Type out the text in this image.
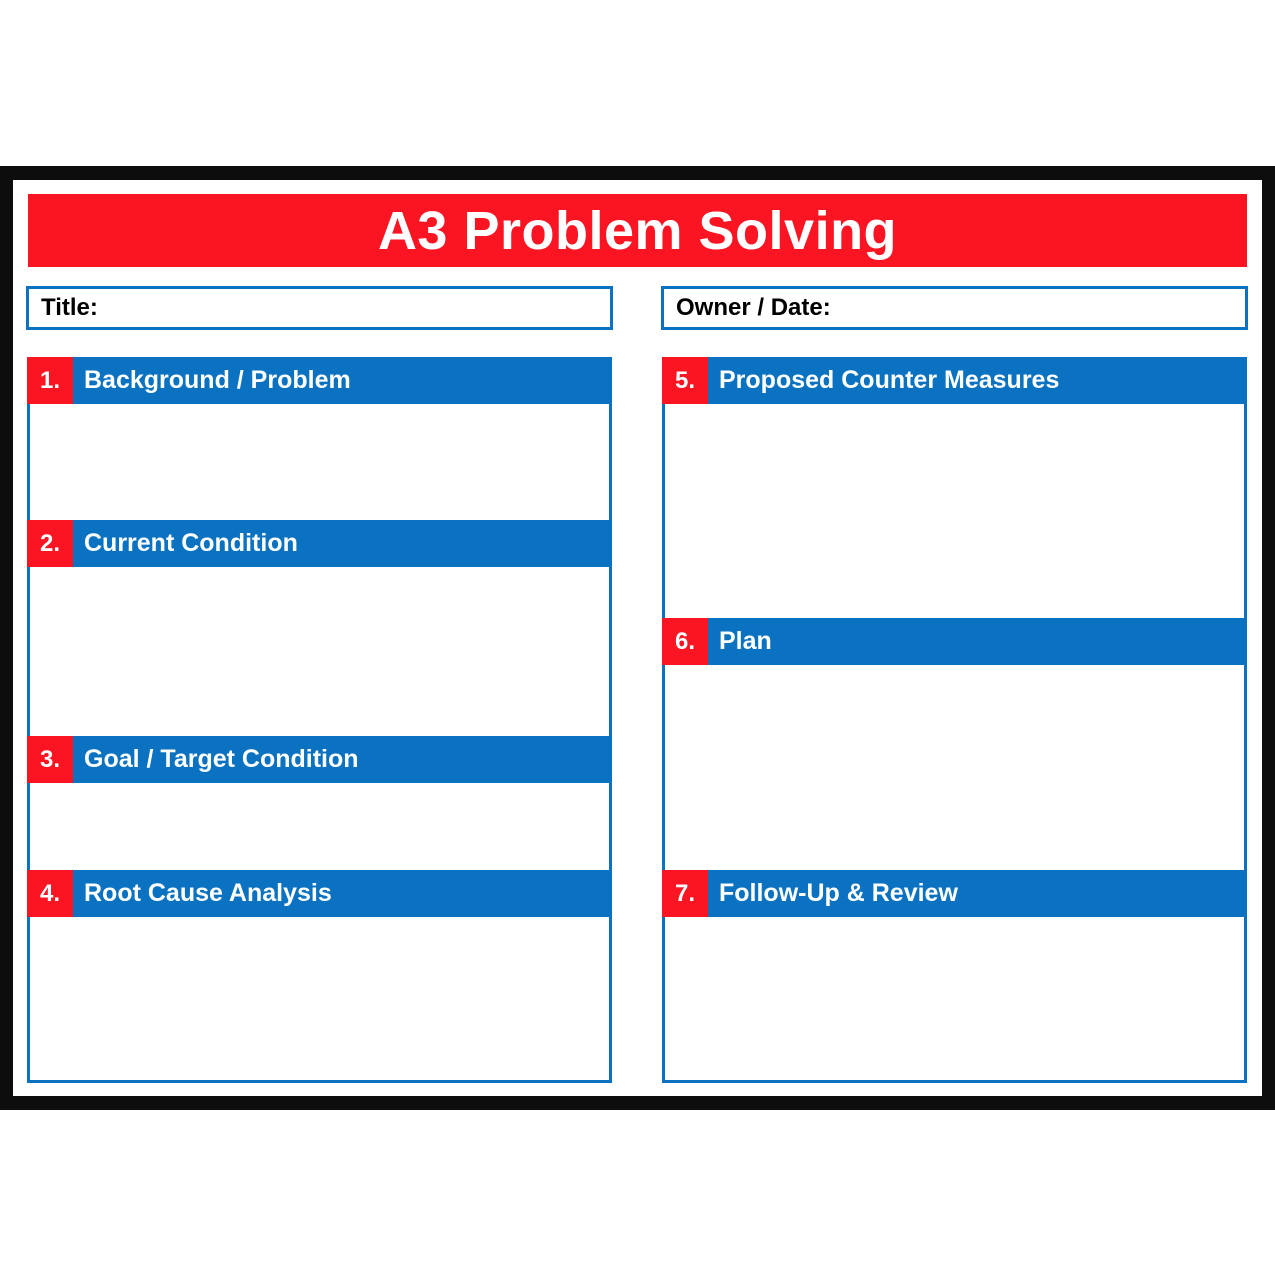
A3 Problem Solving
Title:	Owner / Date:
1. Background / Problem
2. Current Condition
3. Goal / Target Condition
4. Root Cause Analysis
5. Proposed Counter Measures
6. Plan
7. Follow-Up & Review
